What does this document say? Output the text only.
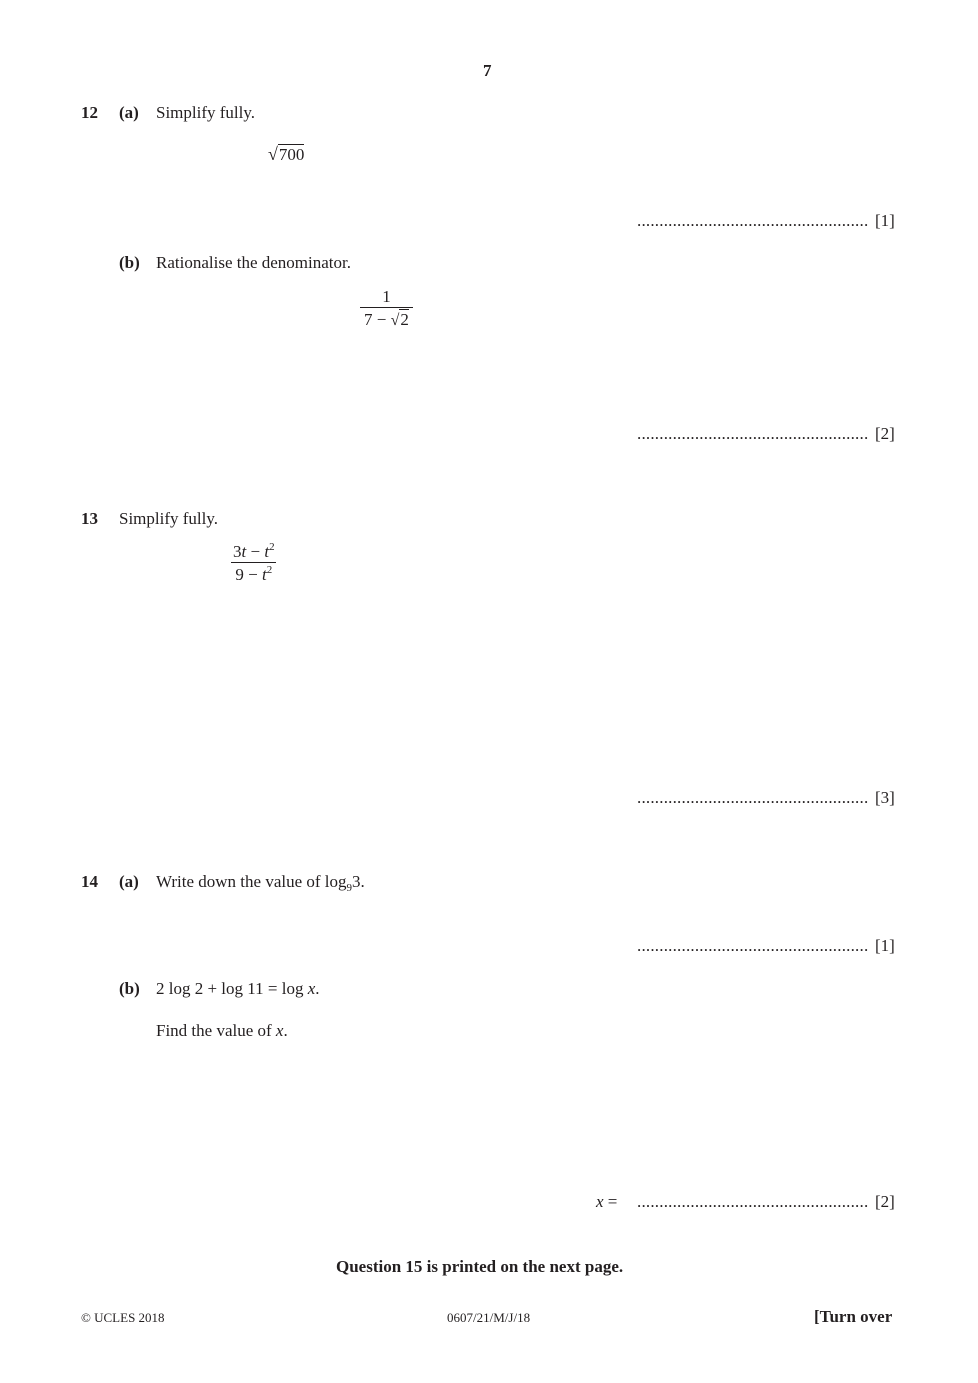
7
12 (a) Simplify fully.
√700
.................................................... [1]
(b) Rationalise the denominator.
$\frac{1}{7 - √2}$
.................................................... [2]
13 Simplify fully.
$\frac{3t - t^2}{9 - t^2}$
.................................................... [3]
14 (a) Write down the value of $\log_93$.
.................................................... [1]
(b) 2 log 2 + log 11 = log x.
Find the value of x.
x = .................................................... [2]
Question 15 is printed on the next page.
© UCLES 2018	0607/21/M/J/18	[Turn over
